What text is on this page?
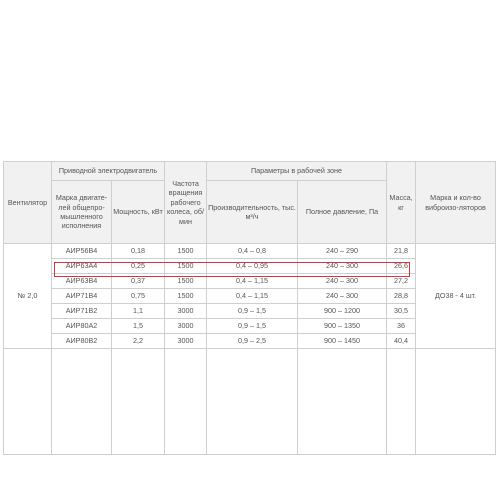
Вентилятор	Приводной электродвигатель		Частота вращения рабочего колеса, об/мин	Параметры в рабочей зоне		Масса, кг	Марка и кол-во виброизо-ляторов
	Марка двигате-лей общепро-мышленного исполнения	Мощность, кВт		Производительность, тыс. м³/ч	Полное давление, Па		
№ 2,0	АИР56В4	0,18	1500	0,4 – 0,8	240 – 290	21,8	ДО38 - 4 шт.
	АИР63А4	0,25	1500	0,4 – 0,95	240 – 300	26,6	
	АИР63В4	0,37	1500	0,4 – 1,15	240 – 300	27,2	
	АИР71В4	0,75	1500	0,4 – 1,15	240 – 300	28,8	
	АИР71В2	1,1	3000	0,9 – 1,5	900 – 1200	30,5	
	АИР80А2	1,5	3000	0,9 – 1,5	900 – 1350	36	
	АИР80В2	2,2	3000	0,9 – 2,5	900 – 1450	40,4	
